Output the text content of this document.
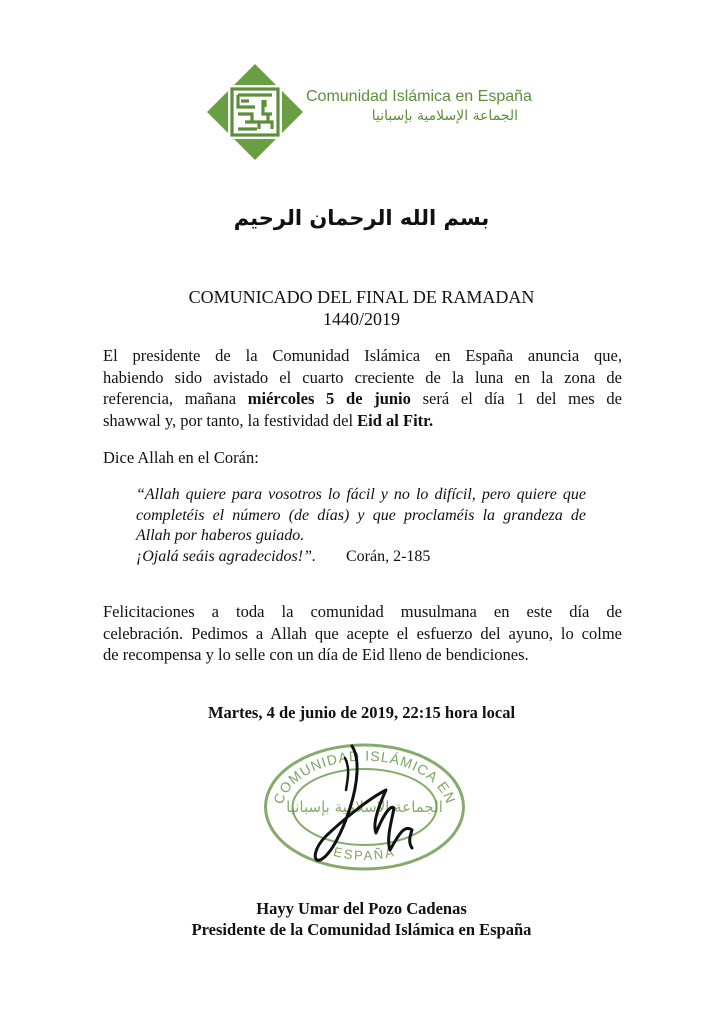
Comunidad Islámica en España
الجماعة الإسلامية بإسبانيا
بسم الله الرحمان الرحيم
COMUNICADO DEL FINAL DE RAMADAN
1440/2019
El presidente de la Comunidad Islámica en España anuncia que,
habiendo sido avistado el cuarto creciente de la luna en la zona de
referencia, mañana miércoles 5 de junio será el día 1 del mes de
shawwal y, por tanto, la festividad del Eid al Fitr.
Dice Allah en el Corán:
“Allah quiere para vosotros lo fácil y no lo difícil, pero quiere que
completéis el número (de días) y que proclaméis la grandeza de
Allah por haberos guiado.
¡Ojalá seáis agradecidos!”. Corán, 2-185
Felicitaciones a toda la comunidad musulmana en este día de
celebración. Pedimos a Allah que acepte el esfuerzo del ayuno, lo colme
de recompensa y lo selle con un día de Eid lleno de bendiciones.
Martes, 4 de junio de 2019, 22:15 hora local
COMUNIDAD ISLÁMICA EN
ESPAÑA
الجماعة الإسلامية بإسبانيا
Hayy Umar del Pozo Cadenas
Presidente de la Comunidad Islámica en España
